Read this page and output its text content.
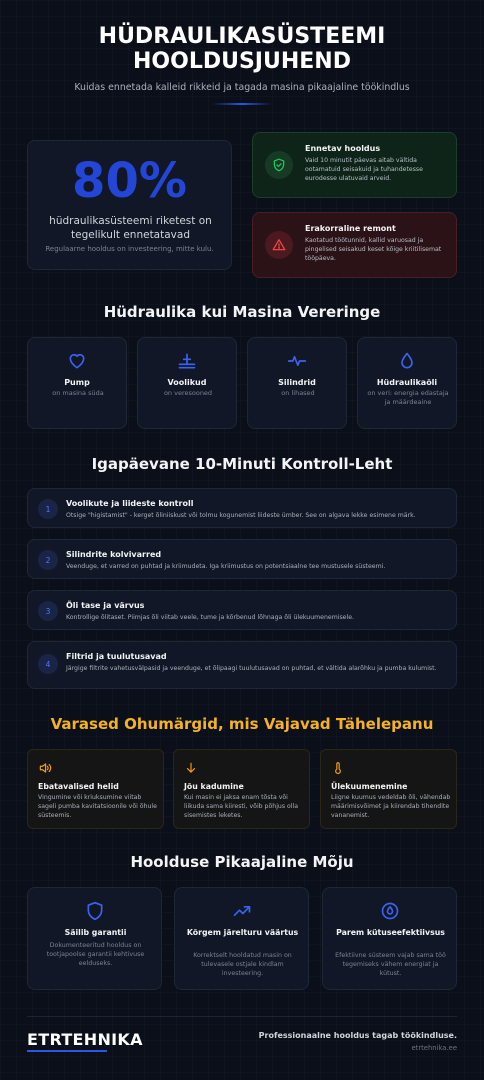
HÜDRAULIKASÜSTEEMI
HOOLDUSJUHEND
Kuidas ennetada kalleid rikkeid ja tagada masina pikaajaline töökindlus
80%
hüdraulikasüsteemi riketest on tegelikult ennetatavad
Regulaarne hooldus on investeering, mitte kulu.
Ennetav hooldus
Vaid 10 minutit päevas aitab vältida ootamatuid seisakuid ja tuhandetesse eurodesse ulatuvaid arveid.
Erakorraline remont
Kaotatud töötunnid, kallid varuosad ja pingelised seisakud keset kõige kriitilisemat tööpäeva.
Hüdraulika kui Masina Vereringe
Pump
on masina süda
Voolikud
on veresooned
Silindrid
on lihased
Hüdraulikaõli
on veri: energia edastaja ja määrdeaine
Igapäevane 10-Minuti Kontroll-Leht
1
Voolikute ja liideste kontroll
Otsige "higistamist" - kerget õliniiskust või tolmu kogunemist liideste ümber. See on algava lekke esimene märk.
2
Silindrite kolvivarred
Veenduge, et varred on puhtad ja kriimudeta. Iga kriimustus on potentsiaalne tee mustusele süsteemi.
3
Õli tase ja värvus
Kontrollige õlitaset. Piimjas õli viitab veele, tume ja kõrbenud lõhnaga õli ülekuumenemisele.
4
Filtrid ja tuulutusavad
Järgige filtrite vahetusvälpasid ja veenduge, et õlipaagi tuulutusavad on puhtad, et vältida alarõhku ja pumba kulumist.
Varased Ohumärgid, mis Vajavad Tähelepanu
Ebatavalised helid
Vingumine või kriuksumine viitab sageli pumba kavitatsioonile või õhule süsteemis.
Jõu kadumine
Kui masin ei jaksa enam tõsta või liikuda sama kiiresti, võib põhjus olla sisemistes leketes.
Ülekuumenemine
Liigne kuumus vedeldab õli, vähendab määrimisvõimet ja kiirendab tihendite vananemist.
Hoolduse Pikaajaline Mõju
Säilib garantii
Dokumenteeritud hooldus on tootjapoolse garantii kehtivuse eelduseks.
Kõrgem järelturu väärtus
Korrektselt hooldatud masin on tulevasele ostjale kindlam investeering.
Parem kütuseefektiivsus
Efektiivne süsteem vajab sama töö tegemiseks vähem energiat ja kütust.
ETRTEHNIKA	Professionaalne hooldus tagab töökindluse.
etrtehnika.ee
